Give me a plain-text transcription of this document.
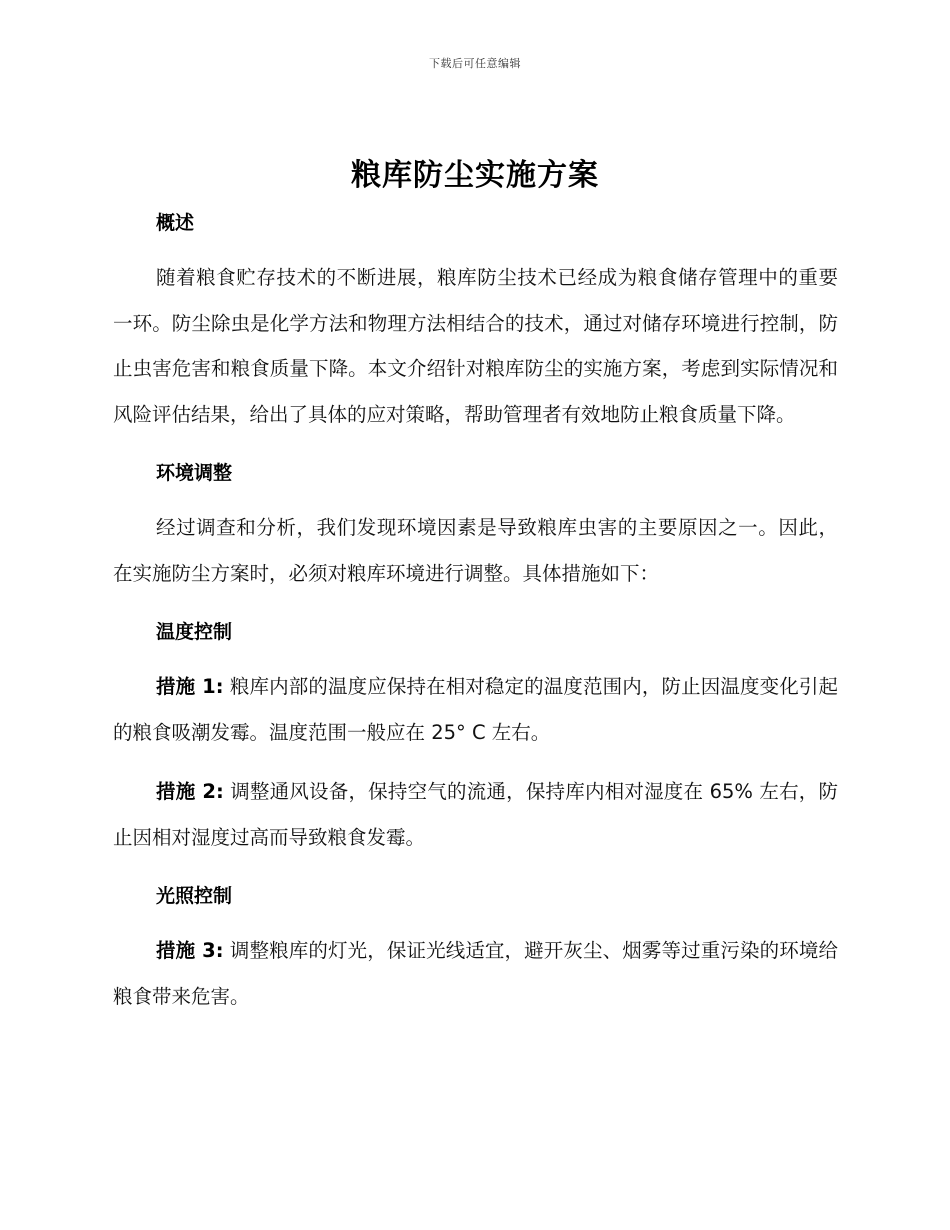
下载后可任意编辑
粮库防尘实施方案
概述

随着粮食贮存技术的不断进展，粮库防尘技术已经成为粮食储存管理中的重要一环。防尘除虫是化学方法和物理方法相结合的技术，通过对储存环境进行控制，防止虫害危害和粮食质量下降。本文介绍针对粮库防尘的实施方案，考虑到实际情况和风险评估结果，给出了具体的应对策略，帮助管理者有效地防止粮食质量下降。

环境调整

经过调查和分析，我们发现环境因素是导致粮库虫害的主要原因之一。因此，在实施防尘方案时，必须对粮库环境进行调整。具体措施如下：

温度控制

措施 1: 粮库内部的温度应保持在相对稳定的温度范围内，防止因温度变化引起的粮食吸潮发霉。温度范围一般应在 25° C 左右。

措施 2: 调整通风设备，保持空气的流通，保持库内相对湿度在 65% 左右，防止因相对湿度过高而导致粮食发霉。

光照控制

措施 3: 调整粮库的灯光，保证光线适宜，避开灰尘、烟雾等过重污染的环境给粮食带来危害。
